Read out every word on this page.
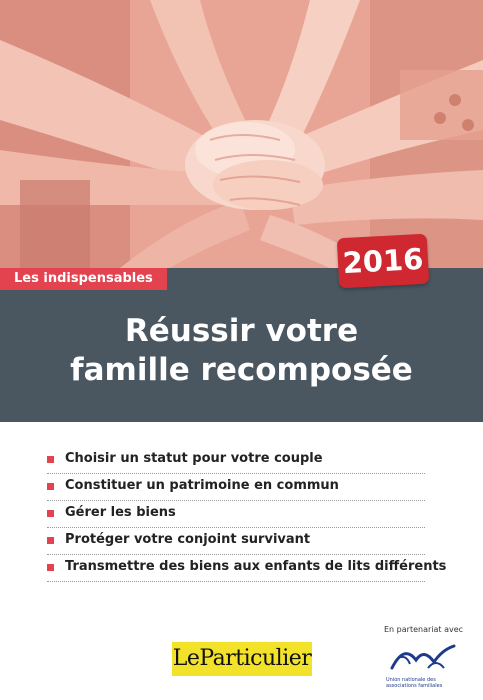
Les indispensables	2016
Réussir votre
famille recomposée
Choisir un statut pour votre couple
Constituer un patrimoine en commun
Gérer les biens
Protéger votre conjoint survivant
Transmettre des biens aux enfants de lits différents
LeParticulier
En partenariat avec
Union nationale des associations familiales
